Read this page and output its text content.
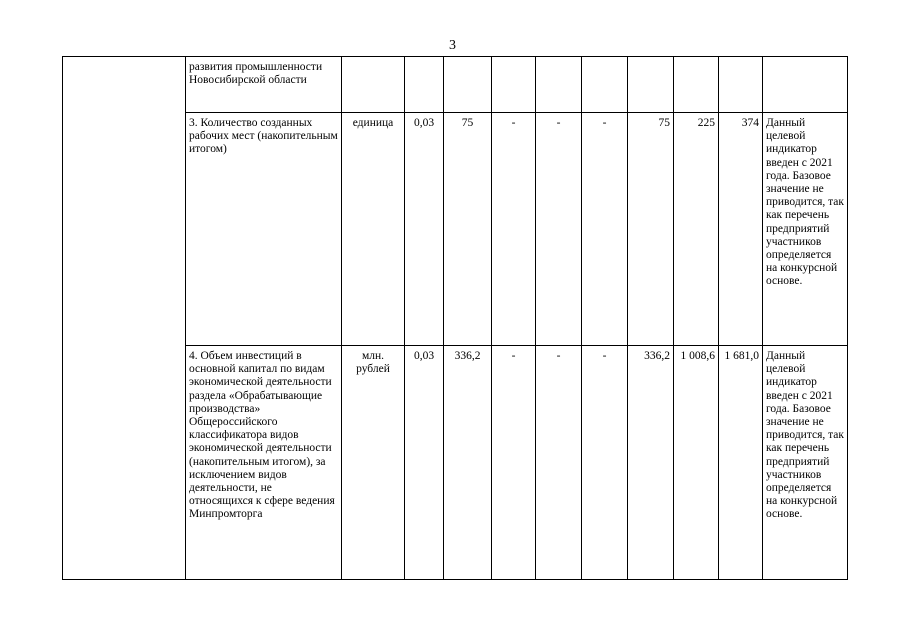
3
	развития промышленности Новосибирской области										
	3. Количество созданных рабочих мест (накопительным итогом)	единица	0,03	75	-	-	-	75	225	374	Данный целевой индикатор введен с 2021 года. Базовое значение не приводится, так как перечень предприятий участников определяется на конкурсной основе.
	4. Объем инвестиций в основной капитал по видам экономической деятельности раздела «Обрабатывающие производства» Общероссийского классификатора видов экономической деятельности (накопительным итогом), за исключением видов деятельности, не относящихся к сфере ведения Минпромторга	млн. рублей	0,03	336,2	-	-	-	336,2	1 008,6	1 681,0	Данный целевой индикатор введен с 2021 года. Базовое значение не приводится, так как перечень предприятий участников определяется на конкурсной основе.
